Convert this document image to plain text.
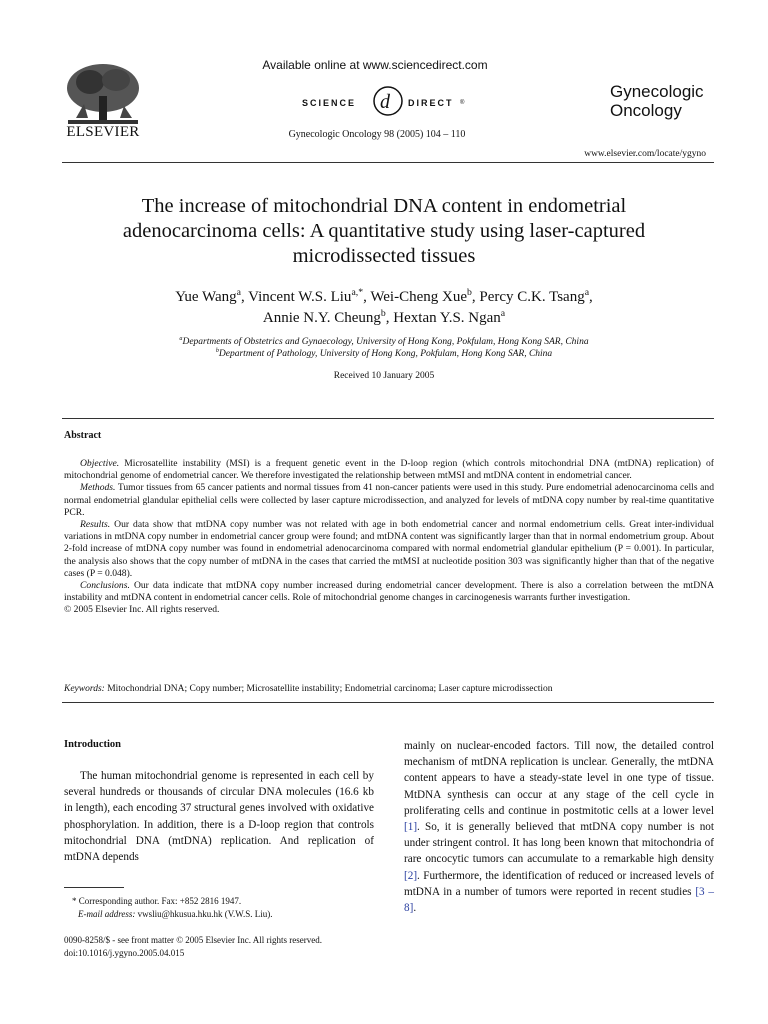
ELSEVIER
Available online at www.sciencedirect.com
SCIENCE d DIRECT ®
Gynecologic Oncology 98 (2005) 104 – 110
Gynecologic
Oncology
www.elsevier.com/locate/ygyno
The increase of mitochondrial DNA content in endometrial adenocarcinoma cells: A quantitative study using laser-captured microdissected tissues
Yue Wang$^a$, Vincent W.S. Liu$^{a,*}$, Wei-Cheng Xue$^b$, Percy C.K. Tsang$^a$,
Annie N.Y. Cheung$^b$, Hextan Y.S. Ngan$^a$
$^a$Departments of Obstetrics and Gynaecology, University of Hong Kong, Pokfulam, Hong Kong SAR, China
$^b$Department of Pathology, University of Hong Kong, Pokfulam, Hong Kong SAR, China
Received 10 January 2005
Abstract

Objective. Microsatellite instability (MSI) is a frequent genetic event in the D-loop region (which controls mitochondrial DNA (mtDNA) replication) of mitochondrial genome of endometrial cancer. We therefore investigated the relationship between mtMSI and mtDNA content in endometrial cancer.

Methods. Tumor tissues from 65 cancer patients and normal tissues from 41 non-cancer patients were used in this study. Pure endometrial adenocarcinoma cells and normal endometrial glandular epithelial cells were collected by laser capture microdissection, and analyzed for levels of mtDNA copy number by real-time quantitative PCR.

Results. Our data show that mtDNA copy number was not related with age in both endometrial cancer and normal endometrium cells. Great inter-individual variations in mtDNA copy number in endometrial cancer group were found; and mtDNA content was significantly larger than that in normal endometrium group. About 2-fold increase of mtDNA copy number was found in endometrial adenocarcinoma compared with normal endometrial glandular epithelium (P = 0.001). In particular, the analysis also shows that the copy number of mtDNA in the cases that carried the mtMSI at nucleotide position 303 was significantly higher than that of the negative cases (P = 0.048).

Conclusions. Our data indicate that mtDNA copy number increased during endometrial cancer development. There is also a correlation between the mtDNA instability and mtDNA content in endometrial cancer cells. Role of mitochondrial genome changes in carcinogenesis warrants further investigation.

© 2005 Elsevier Inc. All rights reserved.

Keywords: Mitochondrial DNA; Copy number; Microsatellite instability; Endometrial carcinoma; Laser capture microdissection
Introduction
The human mitochondrial genome is represented in each cell by several hundreds or thousands of circular DNA molecules (16.6 kb in length), each encoding 37 structural genes involved with oxidative phosphorylation. In addition, there is a D-loop region that controls mitochondrial DNA (mtDNA) replication. And replication of mtDNA depends
mainly on nuclear-encoded factors. Till now, the detailed control mechanism of mtDNA replication is unclear. Generally, the mtDNA content appears to have a steady-state level in one type of tissue. MtDNA synthesis can occur at any stage of the cell cycle in proliferating cells and continue in postmitotic cells at a lower level [1]. So, it is generally believed that mtDNA copy number is not under stringent control. It has long been known that mitochondria of rare oncocytic tumors can accumulate to a remarkable high density [2]. Furthermore, the identification of reduced or increased levels of mtDNA in a number of tumors were reported in recent studies [3 – 8].
* Corresponding author. Fax: +852 2816 1947.
E-mail address: vwsliu@hkusua.hku.hk (V.W.S. Liu).
0090-8258/$ - see front matter © 2005 Elsevier Inc. All rights reserved.
doi:10.1016/j.ygyno.2005.04.015
